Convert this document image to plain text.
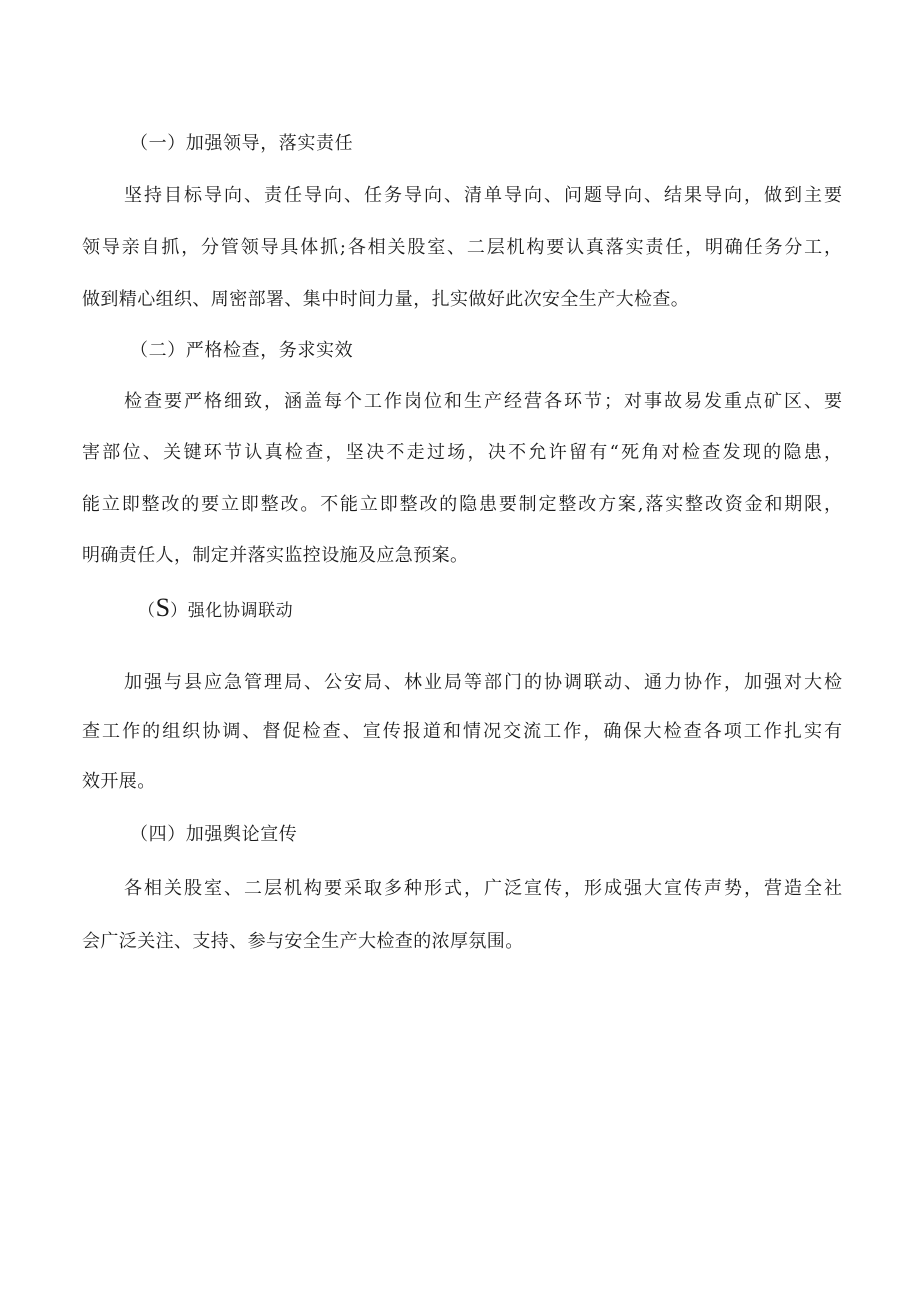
（一）加强领导，落实责任
坚持目标导向、责任导向、任务导向、清单导向、问题导向、结果导向，做到主要
领导亲自抓，分管领导具体抓;各相关股室、二层机构要认真落实责任，明确任务分工，
做到精心组织、周密部署、集中时间力量，扎实做好此次安全生产大检查。
（二）严格检查，务求实效
检查要严格细致，涵盖每个工作岗位和生产经营各环节；对事故易发重点矿区、要
害部位、关键环节认真检查，坚决不走过场，决不允许留有“死角对检查发现的隐患，
能立即整改的要立即整改。不能立即整改的隐患要制定整改方案,落实整改资金和期限，
明确责任人，制定并落实监控设施及应急预案。
（S）强化协调联动
加强与县应急管理局、公安局、林业局等部门的协调联动、通力协作，加强对大检
查工作的组织协调、督促检查、宣传报道和情况交流工作，确保大检查各项工作扎实有
效开展。
（四）加强舆论宣传
各相关股室、二层机构要采取多种形式，广泛宣传，形成强大宣传声势，营造全社
会广泛关注、支持、参与安全生产大检查的浓厚氛围。
